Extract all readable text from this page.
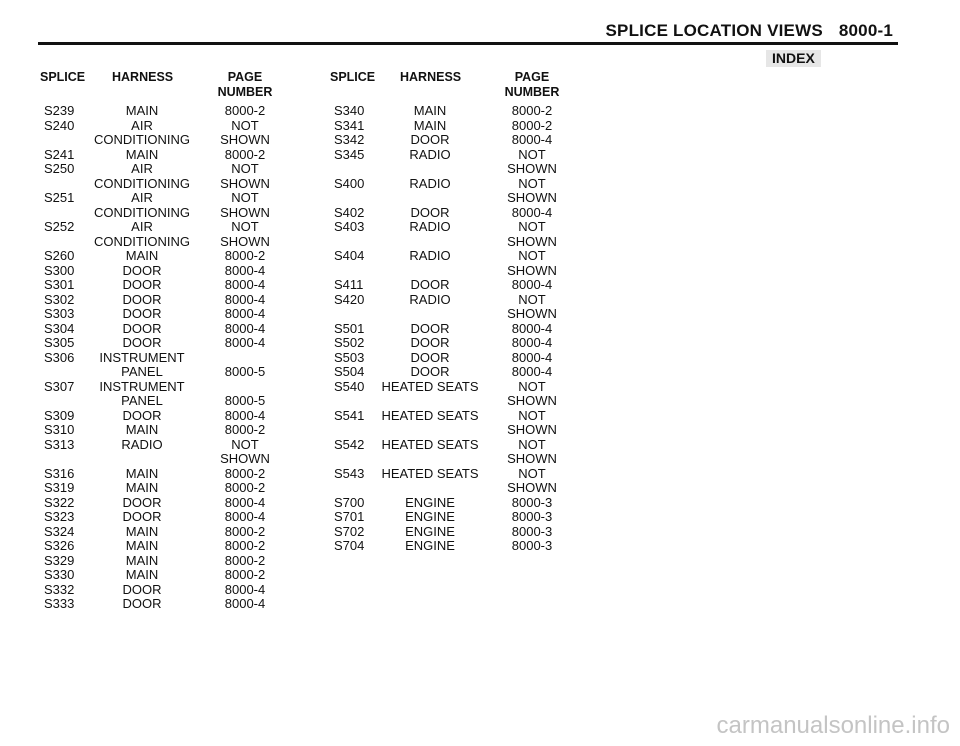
SPLICE LOCATION VIEWS 8000-1
INDEX
SPLICE HARNESS	PAGE
NUMBER
SPLICE HARNESS	PAGE
NUMBER
S239
S240
S241
S250
S251
S252
S260
S300
S301
S302
S303
S304
S305
S306
S307
S309
S310
S313
S316
S319
S322
S323
S324
S326
S329
S330
S332
S333
MAIN
AIR
CONDITIONING
MAIN
AIR
CONDITIONING
AIR
CONDITIONING
AIR
CONDITIONING
MAIN
DOOR
DOOR
DOOR
DOOR
DOOR
DOOR
INSTRUMENT
PANEL
INSTRUMENT
PANEL
DOOR
MAIN
RADIO
MAIN
MAIN
DOOR
DOOR
MAIN
MAIN
MAIN
MAIN
DOOR
DOOR
8000-2
NOT
SHOWN
8000-2
NOT
SHOWN
NOT
SHOWN
NOT
SHOWN
8000-2
8000-4
8000-4
8000-4
8000-4
8000-4
8000-4
8000-5
8000-5
8000-4
8000-2
NOT
SHOWN
8000-2
8000-2
8000-4
8000-4
8000-2
8000-2
8000-2
8000-2
8000-4
8000-4
S340
S341
S342
S345
S400
S402
S403
S404
S411
S420
S501
S502
S503
S504
S540
S541
S542
S543
S700
S701
S702
S704
MAIN
MAIN
DOOR
RADIO
RADIO
DOOR
RADIO
RADIO
DOOR
RADIO
DOOR
DOOR
DOOR
DOOR
HEATED SEATS
HEATED SEATS
HEATED SEATS
HEATED SEATS
ENGINE
ENGINE
ENGINE
ENGINE
8000-2
8000-2
8000-4
NOT
SHOWN
NOT
SHOWN
8000-4
NOT
SHOWN
NOT
SHOWN
8000-4
NOT
SHOWN
8000-4
8000-4
8000-4
8000-4
NOT
SHOWN
NOT
SHOWN
NOT
SHOWN
NOT
SHOWN
8000-3
8000-3
8000-3
8000-3
carmanualsonline.info
